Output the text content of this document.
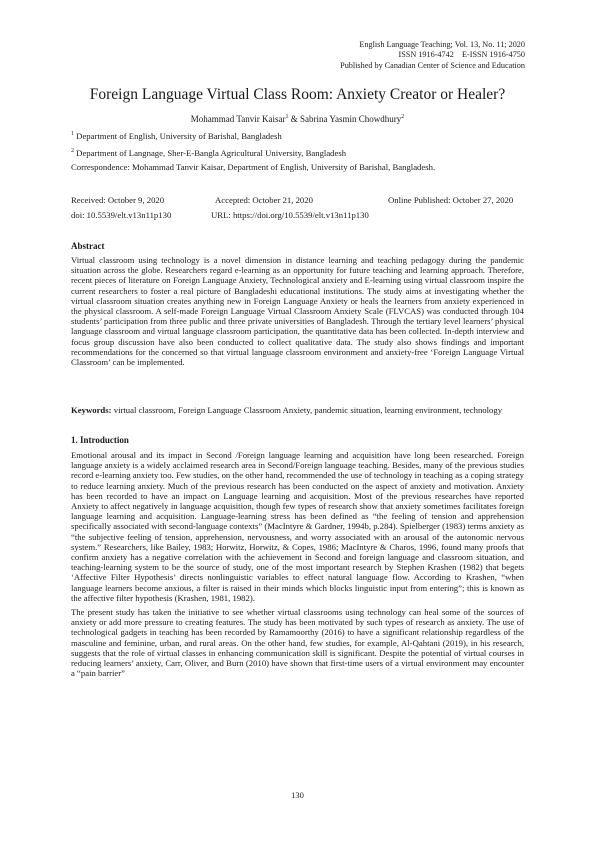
English Language Teaching; Vol. 13, No. 11; 2020
ISSN 1916-4742    E-ISSN 1916-4750
Published by Canadian Center of Science and Education
Foreign Language Virtual Class Room: Anxiety Creator or Healer?
Mohammad Tanvir Kaisar$^1$ & Sabrina Yasmin Chowdhury$^2$
$^1$ Department of English, University of Barishal, Bangladesh
$^2$ Department of Langnage, Sher-E-Bangla Agricultural University, Bangladesh
Correspondence: Mohammad Tanvir Kaisar, Department of English, University of Barishal, Bangladesh.
Received: October 9, 2020	Accepted: October 21, 2020	Online Published: October 27, 2020
doi: 10.5539/elt.v13n11p130	URL: https://doi.org/10.5539/elt.v13n11p130
Abstract

Virtual classroom using technology is a novel dimension in distance learning and teaching pedagogy during the pandemic situation across the globe. Researchers regard e-learning as an opportunity for future teaching and learning approach. Therefore, recent pieces of literature on Foreign Language Anxiety, Technological anxiety and E-learning using virtual classroom inspire the current researchers to foster a real picture of Bangladeshi educational institutions. The study aims at investigating whether the virtual classroom situation creates anything new in Foreign Language Anxiety or heals the learners from anxiety experienced in the physical classroom. A self-made Foreign Language Virtual Classroom Anxiety Scale (FLVCAS) was conducted through 104 students’ participation from three public and three private universities of Bangladesh. Through the tertiary level learners’ physical language classroom and virtual language classroom participation, the quantitative data has been collected. In-depth interview and focus group discussion have also been conducted to collect qualitative data. The study also shows findings and important recommendations for the concerned so that virtual language classroom environment and anxiety-free ‘Foreign Language Virtual Classroom’ can be implemented.

Keywords: virtual classroom, Foreign Language Classroom Anxiety, pandemic situation, learning environment, technology
1. Introduction

Emotional arousal and its impact in Second /Foreign language learning and acquisition have long been researched. Foreign language anxiety is a widely acclaimed research area in Second/Foreign language teaching. Besides, many of the previous studies record e-learning anxiety too. Few studies, on the other hand, recommended the use of technology in teaching as a coping strategy to reduce learning anxiety. Much of the previous research has been conducted on the aspect of anxiety and motivation. Anxiety has been recorded to have an impact on Language learning and acquisition. Most of the previous researches have reported Anxiety to affect negatively in language acquisition, though few types of research show that anxiety sometimes facilitates foreign language learning and acquisition. Language-learning stress has been defined as “the feeling of tension and apprehension specifically associated with second-language contexts” (MacIntyre & Gardner, 1994b, p.284). Spielberger (1983) terms anxiety as “the subjective feeling of tension, apprehension, nervousness, and worry associated with an arousal of the autonomic nervous system.” Researchers, like Bailey, 1983; Horwitz, Horwitz, & Copes, 1986; MacIntyre & Charos, 1996, found many proofs that confirm anxiety has a negative correlation with the achievement in Second and foreign language and classroom situation, and teaching-learning system to be the source of study, one of the most important research by Stephen Krashen (1982) that begets ‘Affective Filter Hypothesis’ directs nonlinguistic variables to effect natural language flow. According to Krashen, “when language learners become anxious, a filter is raised in their minds which blocks linguistic input from entering”; this is known as the affective filter hypothesis (Krashen, 1981, 1982).

The present study has taken the initiative to see whether virtual classrooms using technology can heal some of the sources of anxiety or add more pressure to creating features. The study has been motivated by such types of research as anxiety. The use of technological gadgets in teaching has been recorded by Ramamoorthy (2016) to have a significant relationship regardless of the masculine and feminine, urban, and rural areas. On the other hand, few studies, for example, Al-Qahtani (2019), in his research, suggests that the role of virtual classes in enhancing communication skill is significant. Despite the potential of virtual courses in reducing learners’ anxiety, Carr, Oliver, and Burn (2010) have shown that first-time users of a virtual environment may encounter a “pain barrier”

130
